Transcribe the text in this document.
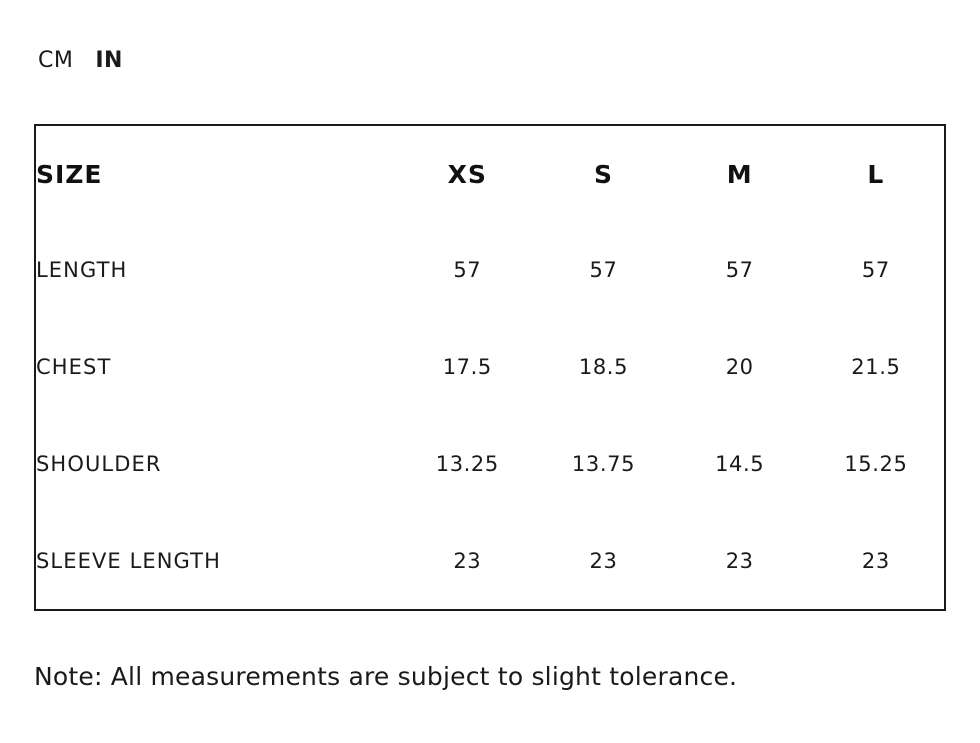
CM IN
SIZE	XS	S	M	L
LENGTH	57	57	57	57
CHEST	17.5	18.5	20	21.5
SHOULDER	13.25	13.75	14.5	15.25
SLEEVE LENGTH	23	23	23	23
Note: All measurements are subject to slight tolerance.
